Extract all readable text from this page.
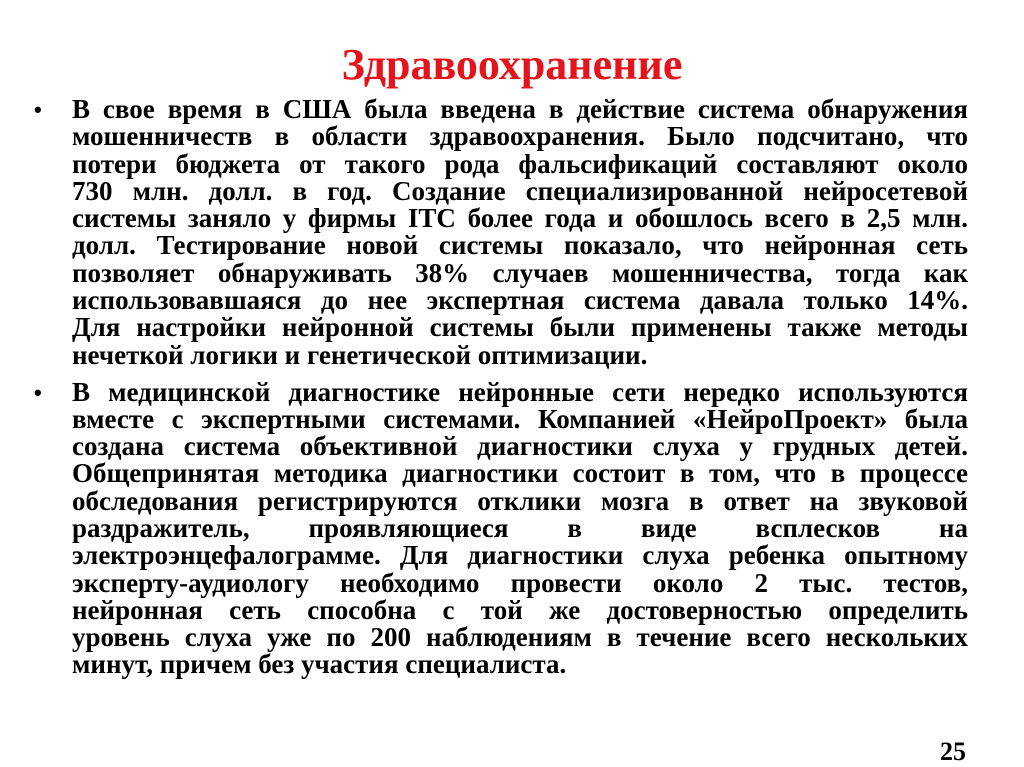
Здравоохранение
• В свое время в США была введена в действие система обнаружения
мошенничеств в области здравоохранения. Было подсчитано, что
потери бюджета от такого рода фальсификаций составляют около
730 млн. долл. в год. Создание специализированной нейросетевой
системы заняло у фирмы ITC более года и обошлось всего в 2,5 млн.
долл. Тестирование новой системы показало, что нейронная сеть
позволяет обнаруживать 38% случаев мошенничества, тогда как
использовавшаяся до нее экспертная система давала только 14%.
Для настройки нейронной системы были применены также методы
нечеткой логики и генетической оптимизации.
• В медицинской диагностике нейронные сети нередко используются
вместе с экспертными системами. Компанией «НейроПроект» была
создана система объективной диагностики слуха у грудных детей.
Общепринятая методика диагностики состоит в том, что в процессе
обследования регистрируются отклики мозга в ответ на звуковой
раздражитель, проявляющиеся в виде всплесков на
электроэнцефалограмме. Для диагностики слуха ребенка опытному
эксперту-аудиологу необходимо провести около 2 тыс. тестов,
нейронная сеть способна с той же достоверностью определить
уровень слуха уже по 200 наблюдениям в течение всего нескольких
минут, причем без участия специалиста.
25
